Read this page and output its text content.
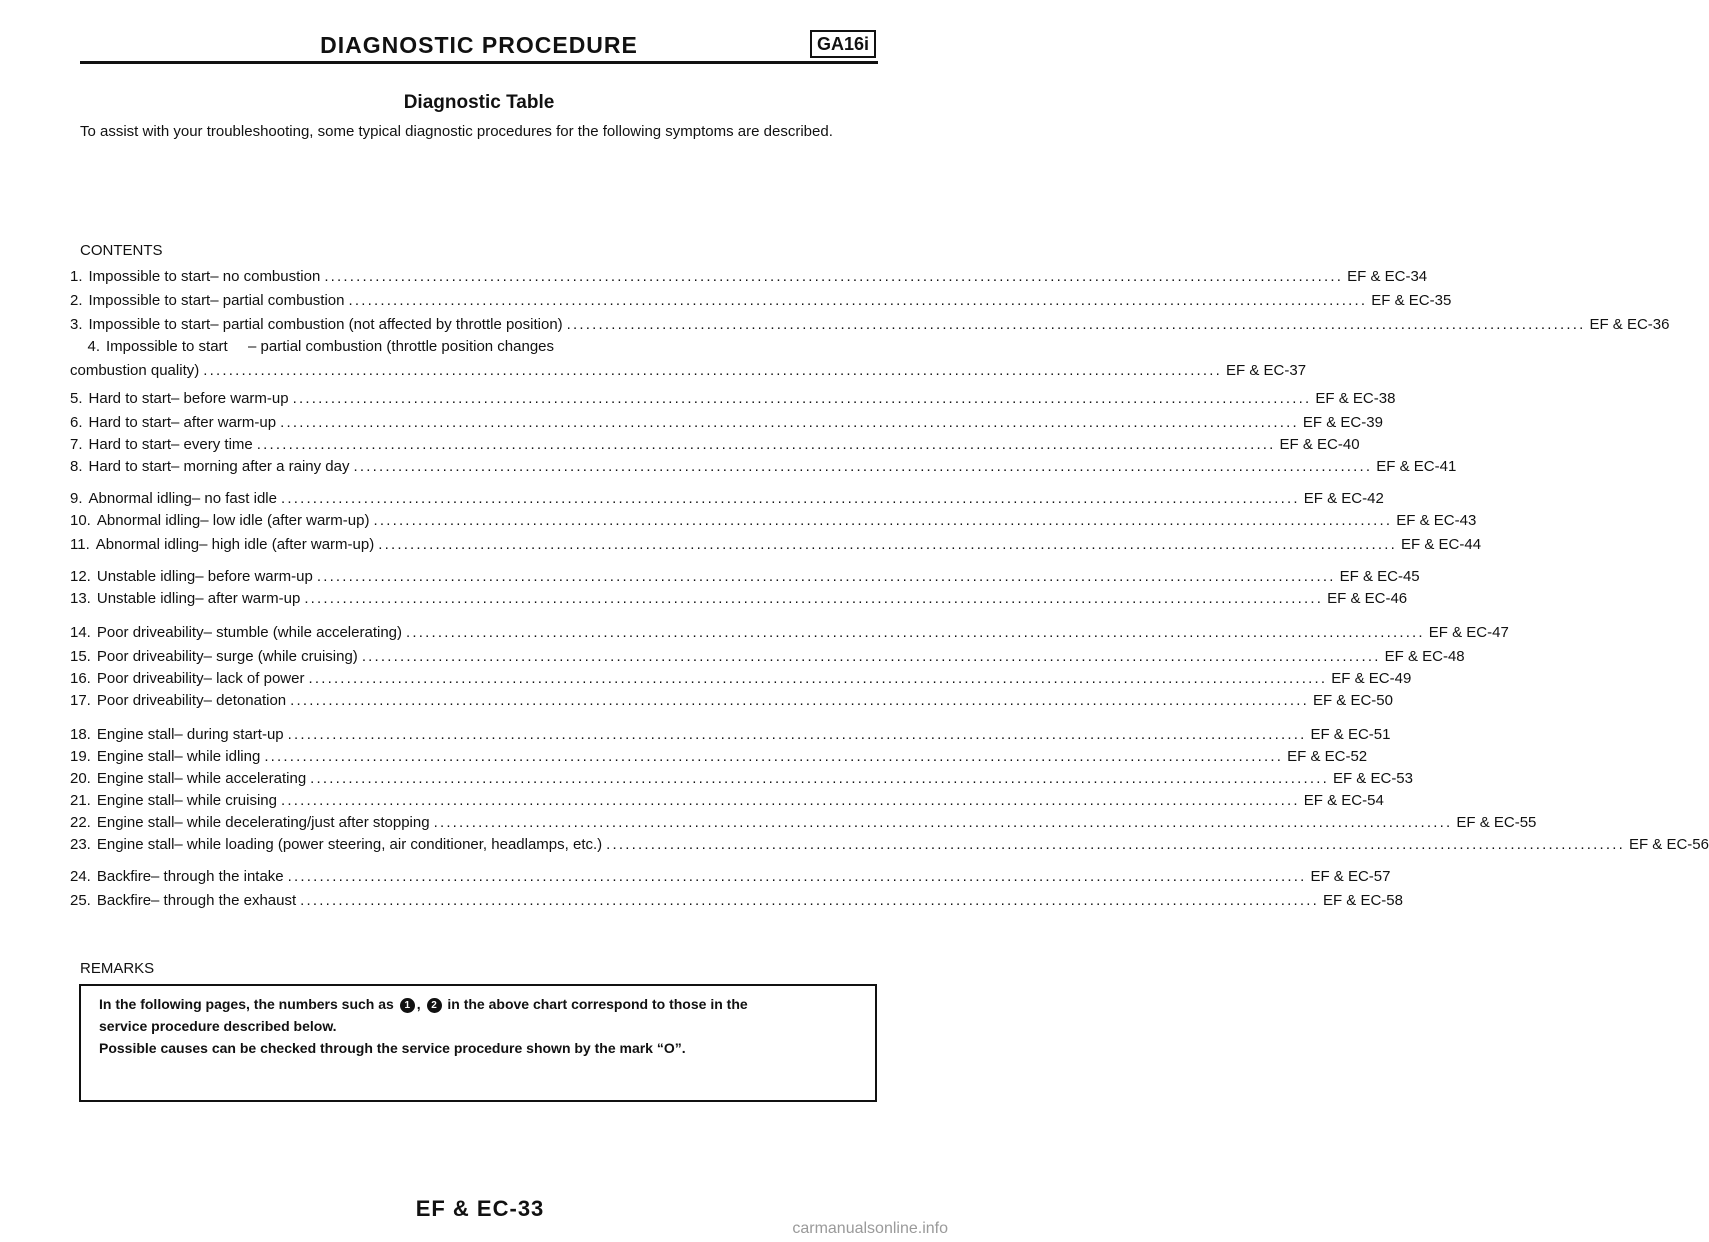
DIAGNOSTIC PROCEDURE	GA16i
Diagnostic Table
To assist with your troubleshooting, some typical diagnostic procedures for the following symptoms are described.
CONTENTS
1. Impossible to start – no combustion ................................................................................................................................................................ EF & EC-34
2. Impossible to start – partial combustion ................................................................................................................................................................ EF & EC-35
3. Impossible to start – partial combustion (not affected by throttle position) ................................................................................................................................................................ EF & EC-36
4. Impossible to start	– partial combustion (throttle position changes
combustion quality) ................................................................................................................................................................ EF & EC-37
5. Hard to start – before warm-up ................................................................................................................................................................ EF & EC-38
6. Hard to start – after warm-up ................................................................................................................................................................ EF & EC-39
7. Hard to start – every time ................................................................................................................................................................ EF & EC-40
8. Hard to start – morning after a rainy day ................................................................................................................................................................ EF & EC-41
9. Abnormal idling – no fast idle ................................................................................................................................................................ EF & EC-42
10. Abnormal idling – low idle (after warm-up) ................................................................................................................................................................ EF & EC-43
11. Abnormal idling – high idle (after warm-up) ................................................................................................................................................................ EF & EC-44
12. Unstable idling – before warm-up ................................................................................................................................................................ EF & EC-45
13. Unstable idling – after warm-up ................................................................................................................................................................ EF & EC-46
14. Poor driveability – stumble (while accelerating) ................................................................................................................................................................ EF & EC-47
15. Poor driveability – surge (while cruising) ................................................................................................................................................................ EF & EC-48
16. Poor driveability – lack of power ................................................................................................................................................................ EF & EC-49
17. Poor driveability – detonation ................................................................................................................................................................ EF & EC-50
18. Engine stall – during start-up ................................................................................................................................................................ EF & EC-51
19. Engine stall – while idling ................................................................................................................................................................ EF & EC-52
20. Engine stall – while accelerating ................................................................................................................................................................ EF & EC-53
21. Engine stall – while cruising ................................................................................................................................................................ EF & EC-54
22. Engine stall – while decelerating/just after stopping ................................................................................................................................................................ EF & EC-55
23. Engine stall – while loading (power steering, air conditioner, headlamps, etc.) ................................................................................................................................................................ EF & EC-56
24. Backfire – through the intake ................................................................................................................................................................ EF & EC-57
25. Backfire – through the exhaust ................................................................................................................................................................ EF & EC-58
REMARKS
In the following pages, the numbers such as 1 , 2 in the above chart correspond to those in the
service procedure described below.
Possible causes can be checked through the service procedure shown by the mark “O”.
EF & EC-33
carmanualsonline.info
